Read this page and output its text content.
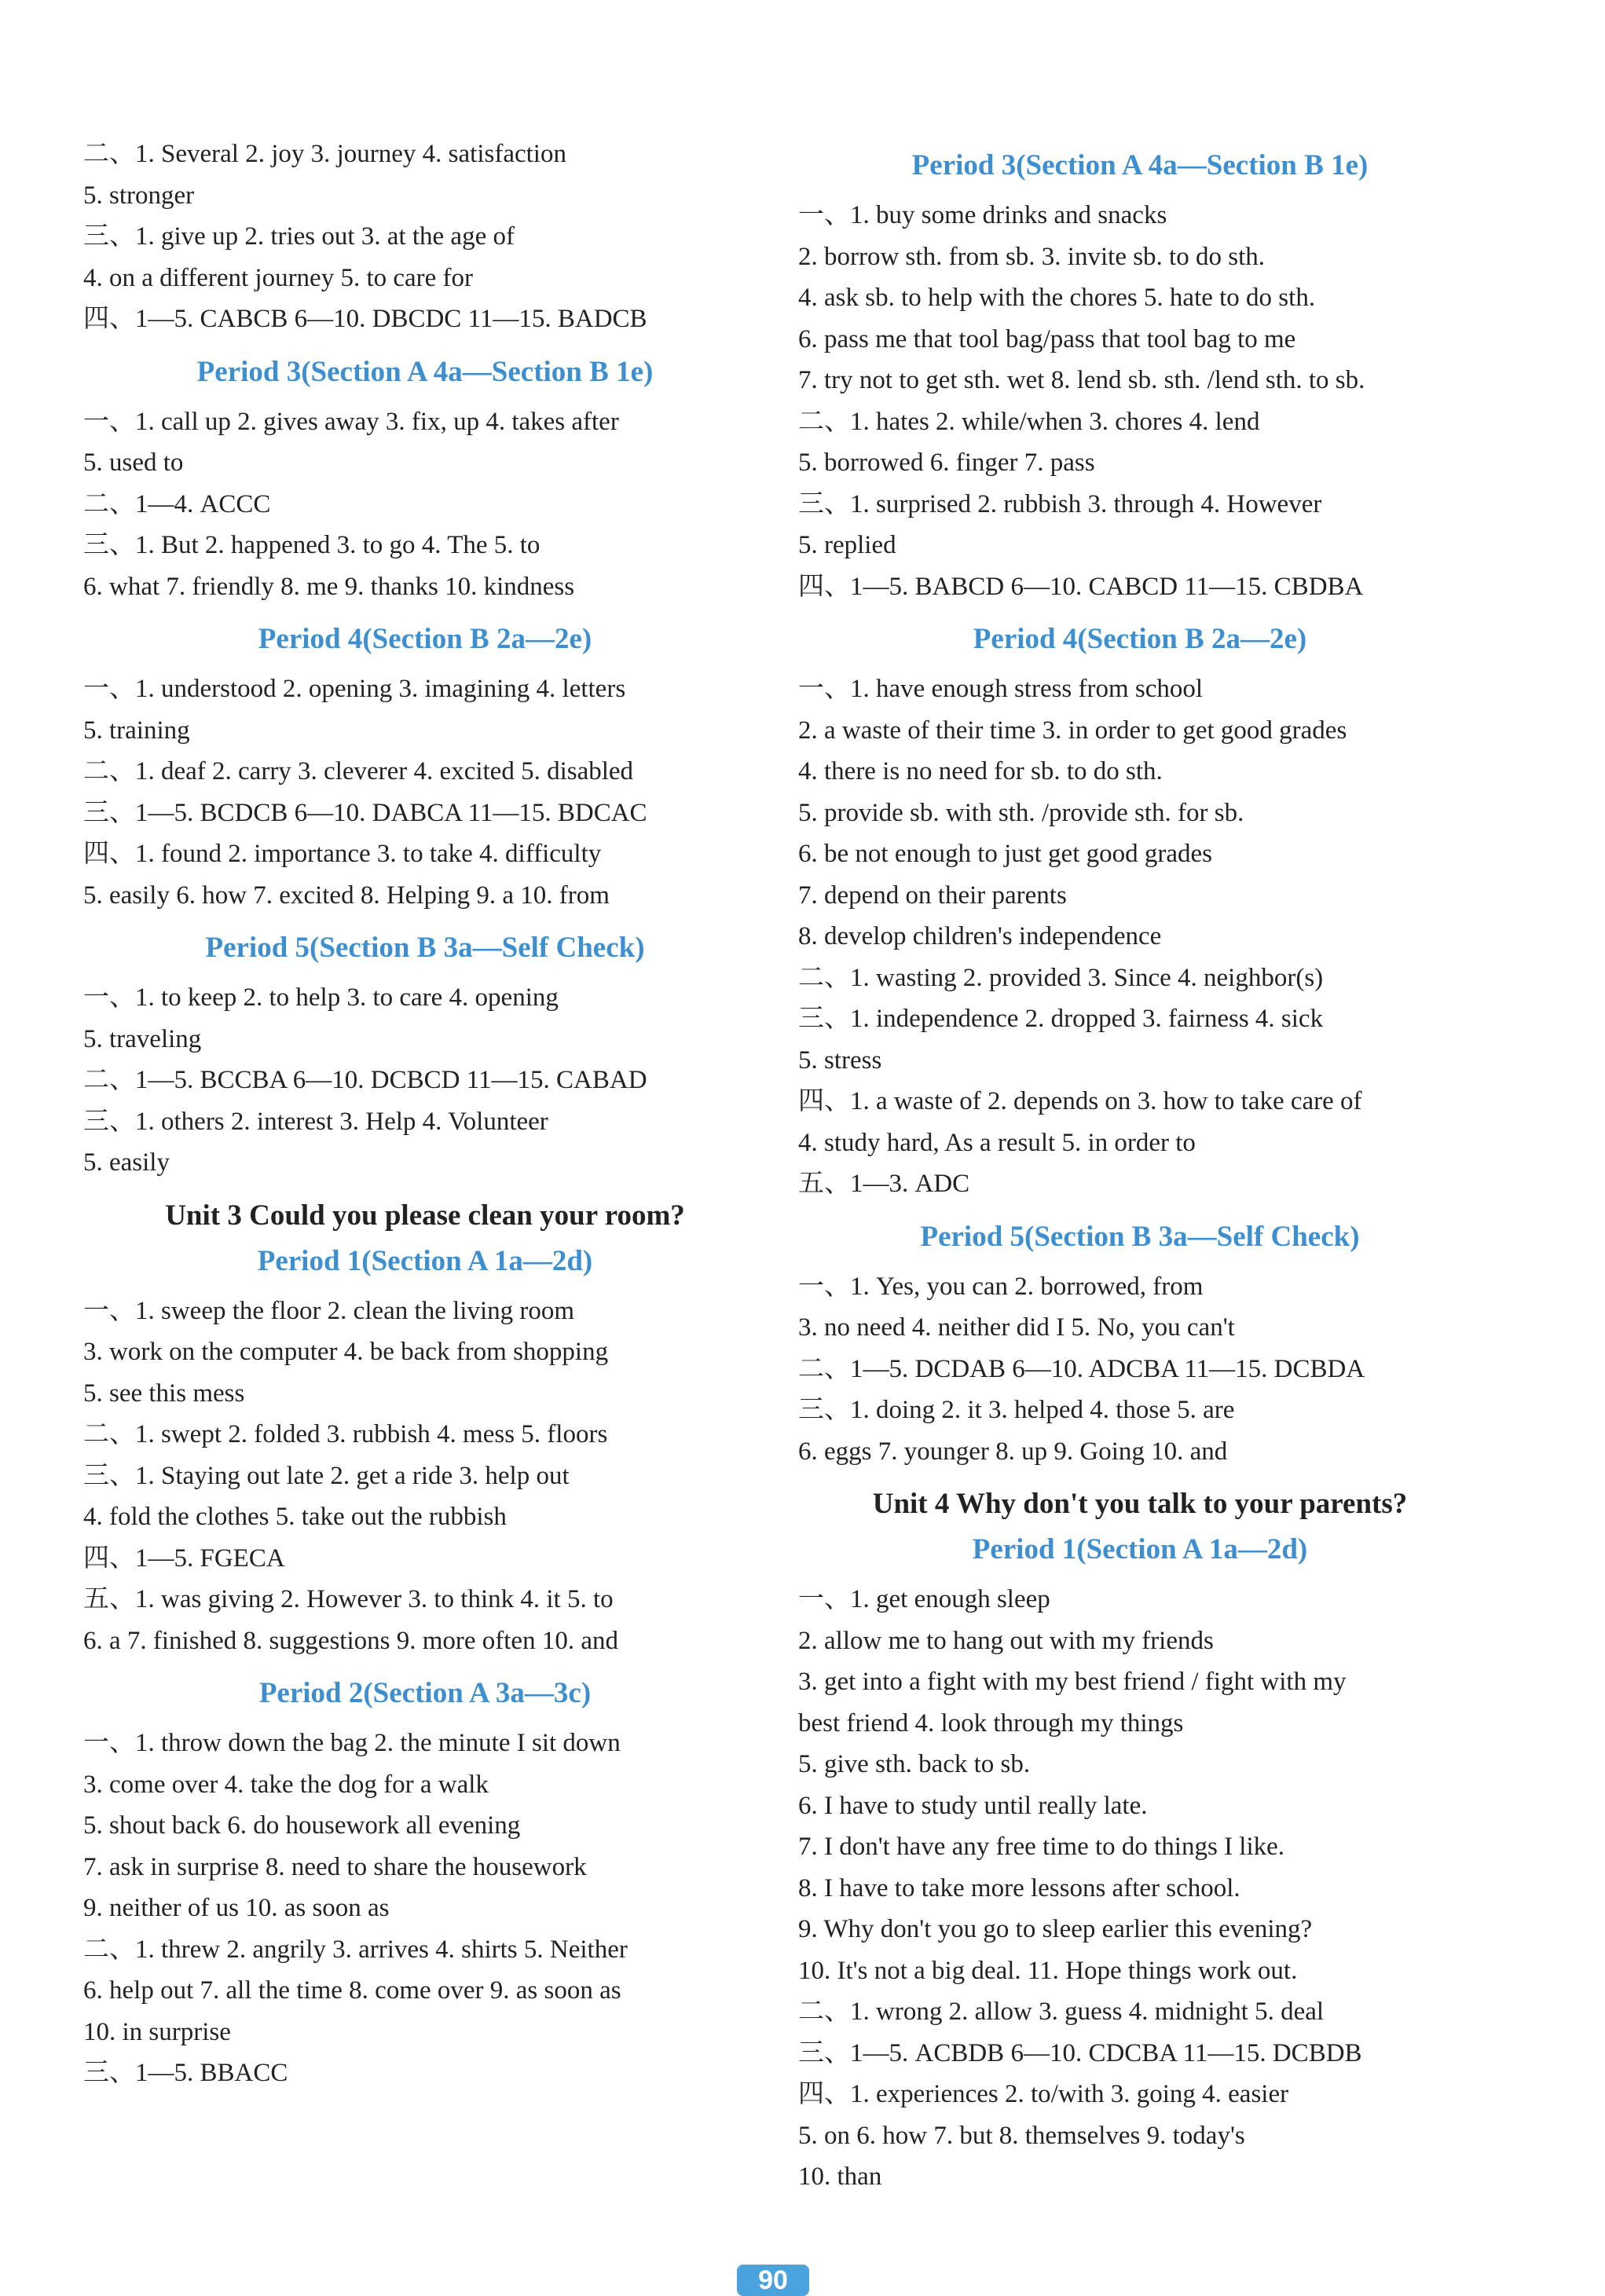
二、1. Several 2. joy 3. journey 4. satisfaction
5. stronger
三、1. give up 2. tries out 3. at the age of
4. on a different journey 5. to care for
四、1—5. CABCB 6—10. DBCDC 11—15. BADCB
Period 3(Section A 4a—Section B 1e)
一、1. call up 2. gives away 3. fix, up 4. takes after
5. used to
二、1—4. ACCC
三、1. But 2. happened 3. to go 4. The 5. to
6. what 7. friendly 8. me 9. thanks 10. kindness
Period 4(Section B 2a—2e)
一、1. understood 2. opening 3. imagining 4. letters
5. training
二、1. deaf 2. carry 3. cleverer 4. excited 5. disabled
三、1—5. BCDCB 6—10. DABCA 11—15. BDCAC
四、1. found 2. importance 3. to take 4. difficulty
5. easily 6. how 7. excited 8. Helping 9. a 10. from
Period 5(Section B 3a—Self Check)
一、1. to keep 2. to help 3. to care 4. opening
5. traveling
二、1—5. BCCBA 6—10. DCBCD 11—15. CABAD
三、1. others 2. interest 3. Help 4. Volunteer
5. easily
Unit 3 Could you please clean your room?
Period 1(Section A 1a—2d)
一、1. sweep the floor 2. clean the living room
3. work on the computer 4. be back from shopping
5. see this mess
二、1. swept 2. folded 3. rubbish 4. mess 5. floors
三、1. Staying out late 2. get a ride 3. help out
4. fold the clothes 5. take out the rubbish
四、1—5. FGECA
五、1. was giving 2. However 3. to think 4. it 5. to
6. a 7. finished 8. suggestions 9. more often 10. and
Period 2(Section A 3a—3c)
一、1. throw down the bag 2. the minute I sit down
3. come over 4. take the dog for a walk
5. shout back 6. do housework all evening
7. ask in surprise 8. need to share the housework
9. neither of us 10. as soon as
二、1. threw 2. angrily 3. arrives 4. shirts 5. Neither
6. help out 7. all the time 8. come over 9. as soon as
10. in surprise
三、1—5. BBACC
Period 3(Section A 4a—Section B 1e)
一、1. buy some drinks and snacks
2. borrow sth. from sb. 3. invite sb. to do sth.
4. ask sb. to help with the chores 5. hate to do sth.
6. pass me that tool bag/pass that tool bag to me
7. try not to get sth. wet 8. lend sb. sth. /lend sth. to sb.
二、1. hates 2. while/when 3. chores 4. lend
5. borrowed 6. finger 7. pass
三、1. surprised 2. rubbish 3. through 4. However
5. replied
四、1—5. BABCD 6—10. CABCD 11—15. CBDBA
Period 4(Section B 2a—2e)
一、1. have enough stress from school
2. a waste of their time 3. in order to get good grades
4. there is no need for sb. to do sth.
5. provide sb. with sth. /provide sth. for sb.
6. be not enough to just get good grades
7. depend on their parents
8. develop children's independence
二、1. wasting 2. provided 3. Since 4. neighbor(s)
三、1. independence 2. dropped 3. fairness 4. sick
5. stress
四、1. a waste of 2. depends on 3. how to take care of
4. study hard, As a result 5. in order to
五、1—3. ADC
Period 5(Section B 3a—Self Check)
一、1. Yes, you can 2. borrowed, from
3. no need 4. neither did I 5. No, you can't
二、1—5. DCDAB 6—10. ADCBA 11—15. DCBDA
三、1. doing 2. it 3. helped 4. those 5. are
6. eggs 7. younger 8. up 9. Going 10. and
Unit 4 Why don't you talk to your parents?
Period 1(Section A 1a—2d)
一、1. get enough sleep
2. allow me to hang out with my friends
3. get into a fight with my best friend / fight with my
best friend 4. look through my things
5. give sth. back to sb.
6. I have to study until really late.
7. I don't have any free time to do things I like.
8. I have to take more lessons after school.
9. Why don't you go to sleep earlier this evening?
10. It's not a big deal. 11. Hope things work out.
二、1. wrong 2. allow 3. guess 4. midnight 5. deal
三、1—5. ACBDB 6—10. CDCBA 11—15. DCBDB
四、1. experiences 2. to/with 3. going 4. easier
5. on 6. how 7. but 8. themselves 9. today's
10. than
90
